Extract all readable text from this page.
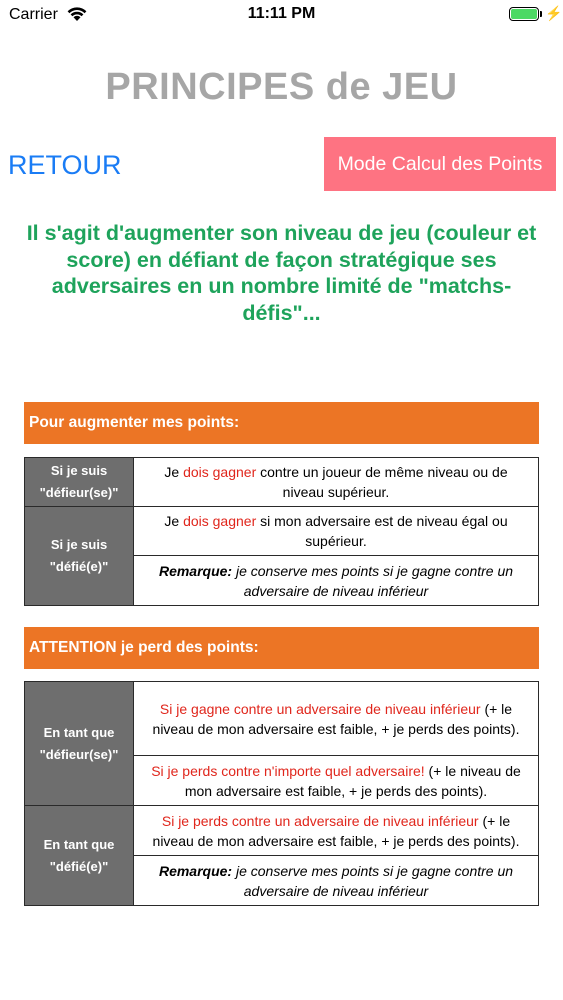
Carrier	11:11 PM	⚡
PRINCIPES de JEU
RETOUR	Mode Calcul des Points
Il s'agit d'augmenter son niveau de jeu (couleur et score) en défiant de façon stratégique ses adversaires en un nombre limité de "matchs-défis"...
Pour augmenter mes points:
Si je suis
"défieur(se)"	Je dois gagner contre un joueur de même niveau ou de
niveau supérieur.
Si je suis
"défié(e)"	Je dois gagner si mon adversaire est de niveau égal ou
supérieur.
	Remarque: je conserve mes points si je gagne contre un
adversaire de niveau inférieur
ATTENTION je perd des points:
En tant que
"défieur(se)"	Si je gagne contre un adversaire de niveau inférieur (+ le
niveau de mon adversaire est faible, + je perds des points).
	Si je perds contre n'importe quel adversaire! (+ le niveau de
mon adversaire est faible, + je perds des points).
En tant que
"défié(e)"	Si je perds contre un adversaire de niveau inférieur (+ le
niveau de mon adversaire est faible, + je perds des points).
	Remarque: je conserve mes points si je gagne contre un
adversaire de niveau inférieur
